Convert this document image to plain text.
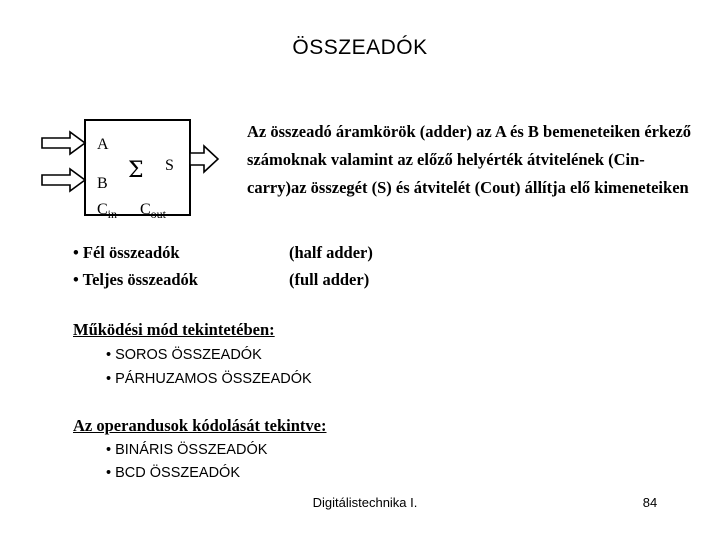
ÖSSZEADÓK
A
B
Σ S
$C_{in}$ $C_{out}$
Az összeadó áramkörök (adder) az A és B bemeneteiken érkező számoknak valamint az előző helyérték átvitelének (Cin-carry)az összegét (S) és átvitelét (Cout) állítja elő kimeneteiken
• Fél összeadók	(half adder)
• Teljes összeadók	(full adder)
Működési mód tekintetében:
• SOROS ÖSSZEADÓK
• PÁRHUZAMOS ÖSSZEADÓK
Az operandusok kódolását tekintve:
• BINÁRIS ÖSSZEADÓK
• BCD ÖSSZEADÓK
Digitálistechnika I.	84
